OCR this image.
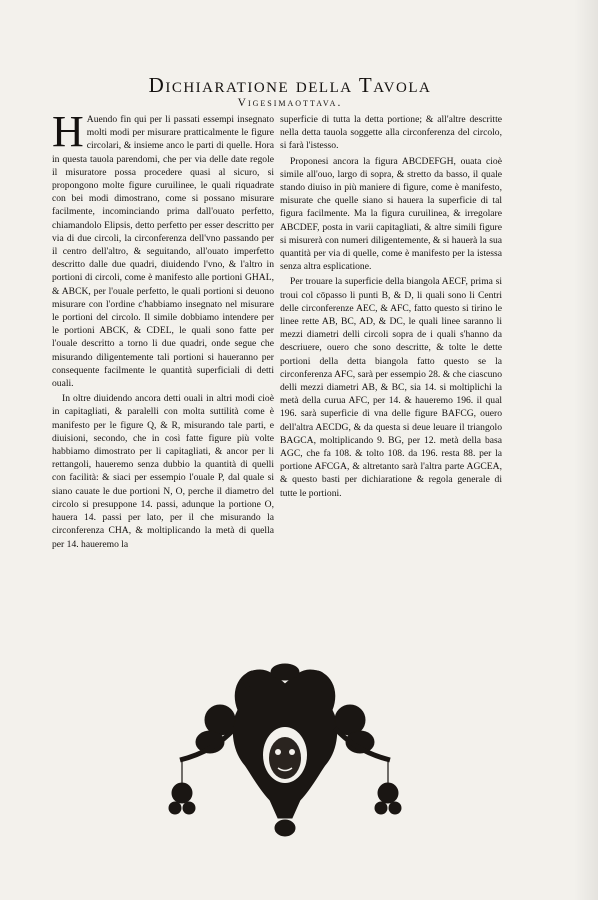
Dichiaratione della Tavola
Vigesimaottava.

H Auendo fin qui per li passati essempi insegnato molti modi per misurare pratticalmente le figure circolari, & insieme anco le parti di quelle. Hora in questa tauola parendomi, che per via delle date regole il misuratore possa procedere quasi al sicuro, si propongono molte figure curuilinee, le quali riquadrate con bei modi dimostrano, come si possano misurare facilmente, incominciando prima dall'ouato perfetto, chiamandolo Elipsis, detto perfetto per esser descritto per via di due circoli, la circonferenza dell'vno passando per il centro dell'altro, & seguitando, all'ouato imperfetto descritto dalle due quadri, diuidendo l'vno, & l'altro in portioni di circoli, come è manifesto alle portioni GHAL, & ABCK, per l'ouale perfetto, le quali portioni si deuono misurare con l'ordine c'habbiamo insegnato nel misurare le portioni del circolo. Il simile dobbiamo intendere per le portioni ABCK, & CDEL, le quali sono fatte per l'ouale descritto a torno li due quadri, onde segue che misurando diligentemente tali portioni si haueranno per consequente facilmente le quantità superficiali di detti ouali.

In oltre diuidendo ancora detti ouali in altri modi cioè in capitagliati, & paralelli con molta suttilità come è manifesto per le figure Q, & R, misurando tale parti, e diuisioni, secondo, che in così fatte figure più volte habbiamo dimostrato per li capitagliati, & ancor per li rettangoli, haueremo senza dubbio la quantità di quelli con facilità: & siaci per essempio l'ouale P, dal quale si siano cauate le due portioni N, O, perche il diametro del circolo si presuppone 14. passi, adunque la portione O, hauera 14. passi per lato, per il che misurando la circonferenza CHA, & moltiplicando la metà di quella per 14. haueremo la

superficie di tutta la detta portione; & all'altre descritte nella detta tauola soggette alla circonferenza del circolo, si farà l'istesso.

Proponesi ancora la figura ABCDEFGH, ouata cioè simile all'ouo, largo di sopra, & stretto da basso, il quale stando diuiso in più maniere di figure, come è manifesto, misurate che quelle siano si hauera la superficie di tal figura facilmente. Ma la figura curuilinea, & irregolare ABCDEF, posta in varii capitagliati, & altre simili figure si misurerà con numeri diligentemente, & si hauerà la sua quantità per via di quelle, come è manifesto per la istessa senza altra esplicatione.

Per trouare la superficie della biangola AECF, prima si troui col cōpasso li punti B, & D, li quali sono li Centri delle circonferenze AEC, & AFC, fatto questo si tirino le linee rette AB, BC, AD, & DC, le quali linee saranno li mezzi diametri delli circoli sopra de i quali s'hanno da descriuere, ouero che sono descritte, & tolte le dette portioni della detta biangola fatto questo se la circonferenza AFC, sarà per essempio 28. & che ciascuno delli mezzi diametri AB, & BC, sia 14. si moltiplichi la metà della curua AFC, per 14. & haueremo 196. il qual 196. sarà superficie di vna delle figure BAFCG, ouero dell'altra AECDG, & da questa si deue leuare il triangolo BAGCA, moltiplicando 9. BG, per 12. metà della basa AGC, che fa 108. & tolto 108. da 196. resta 88. per la portione AFCGA, & altretanto sarà l'altra parte AGCEA, & questo basti per dichiaratione & regola generale di tutte le portioni.
